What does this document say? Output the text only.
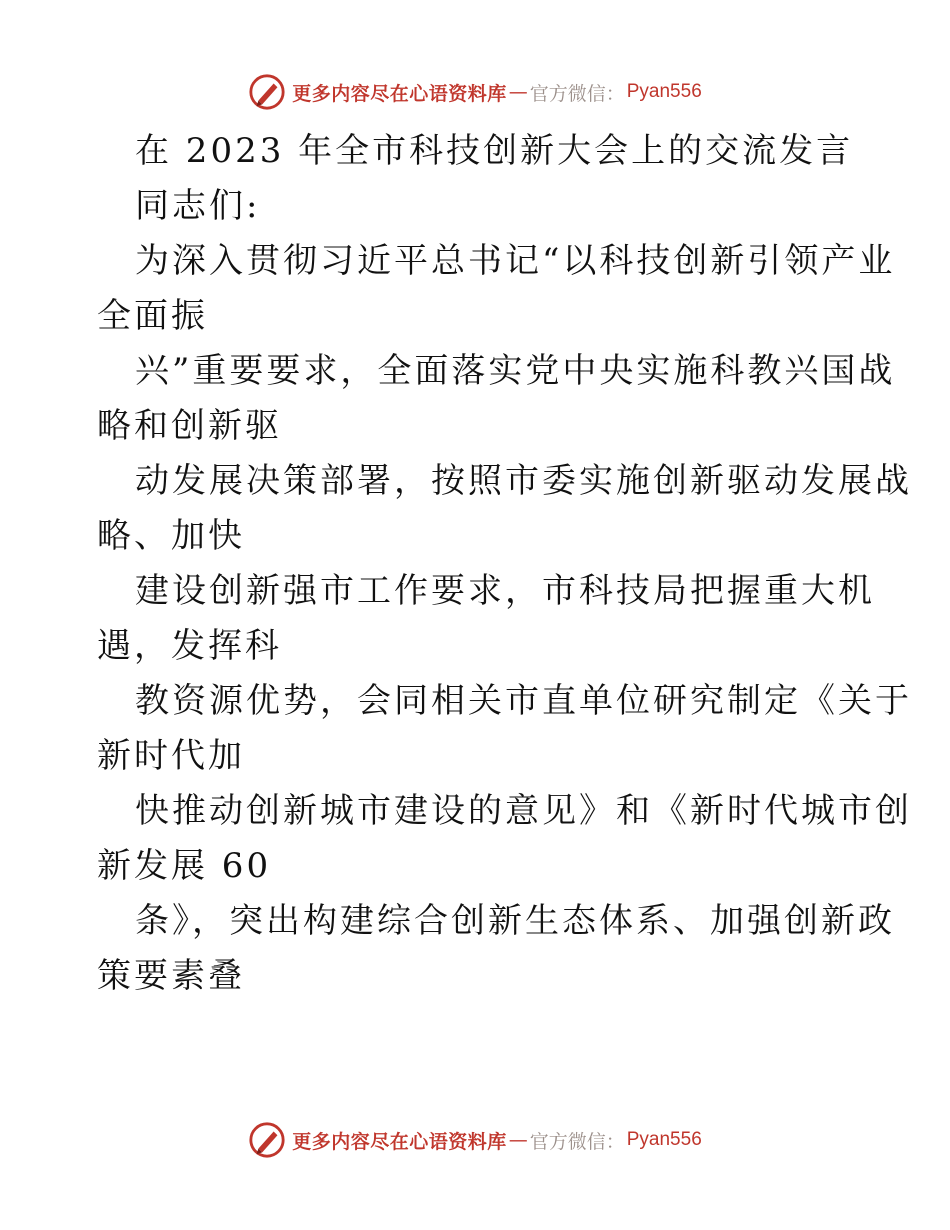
更多内容尽在心语资料库 — 官方微信： Pyan556
在 2023 年全市科技创新大会上的交流发言
同志们:
为深入贯彻习近平总书记“以科技创新引领产业
全面振
兴”重要要求，全面落实党中央实施科教兴国战
略和创新驱
动发展决策部署，按照市委实施创新驱动发展战
略、加快
建设创新强市工作要求，市科技局把握重大机
遇，发挥科
教资源优势，会同相关市直单位研究制定《关于
新时代加
快推动创新城市建设的意见》和《新时代城市创
新发展 60
条》，突出构建综合创新生态体系、加强创新政
策要素叠
更多内容尽在心语资料库 — 官方微信： Pyan556
